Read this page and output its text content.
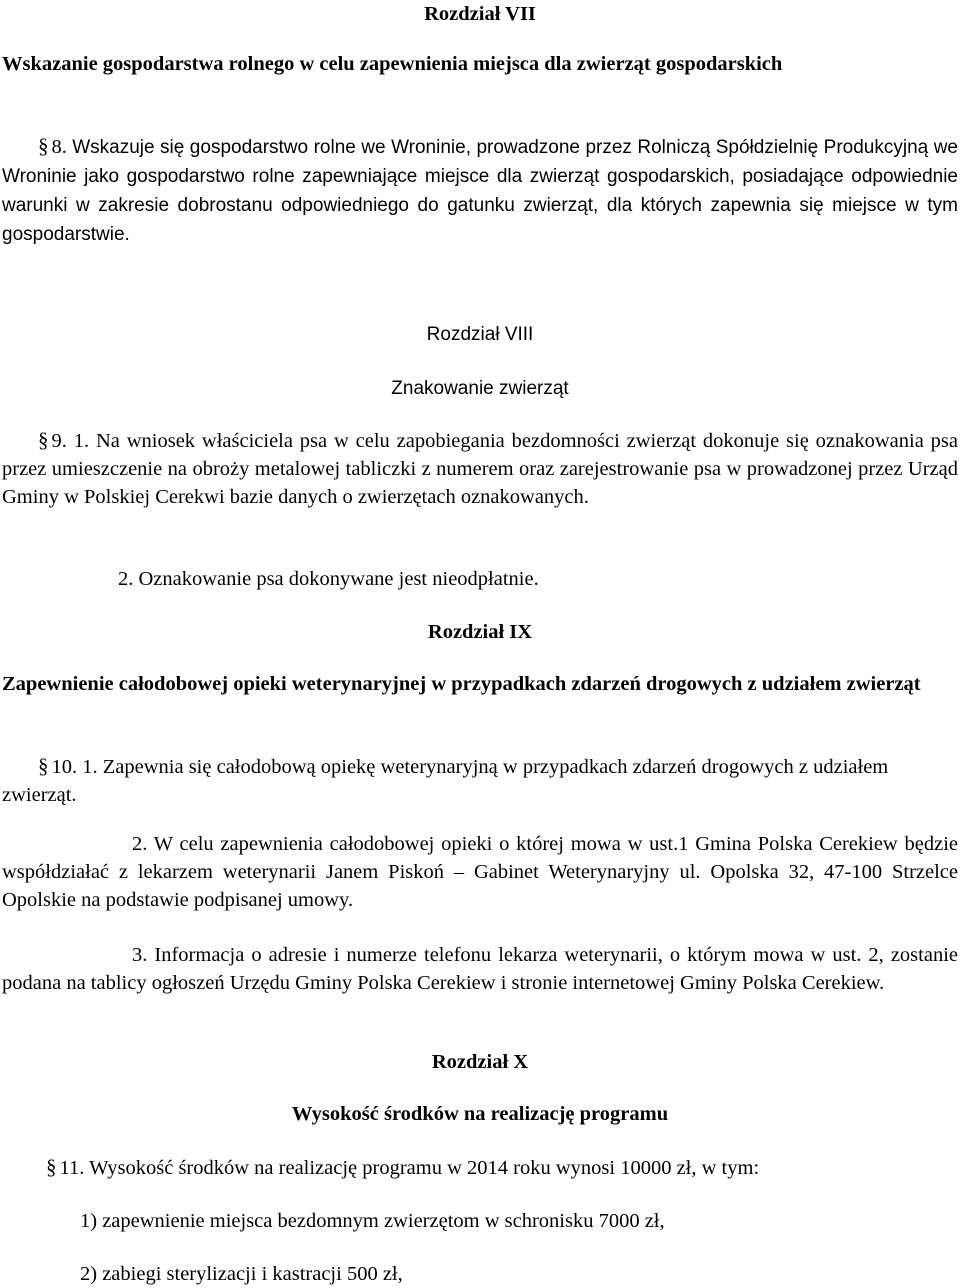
Rozdział VII
Wskazanie gospodarstwa rolnego w celu zapewnienia miejsca dla zwierząt gospodarskich
§ 8. Wskazuje się gospodarstwo rolne we Wroninie, prowadzone przez Rolniczą Spółdzielnię Produkcyjną we Wroninie jako gospodarstwo rolne zapewniające miejsce dla zwierząt gospodarskich, posiadające odpowiednie warunki w zakresie dobrostanu odpowiedniego do gatunku zwierząt, dla których zapewnia się miejsce w tym gospodarstwie.
Rozdział VIII
Znakowanie zwierząt
§ 9. 1. Na wniosek właściciela psa w celu zapobiegania bezdomności zwierząt dokonuje się oznakowania psa przez umieszczenie na obroży metalowej tabliczki z numerem oraz zarejestrowanie psa w prowadzonej przez Urząd Gminy w Polskiej Cerekwi bazie danych o zwierzętach oznakowanych.
2. Oznakowanie psa dokonywane jest nieodpłatnie.
Rozdział IX
Zapewnienie całodobowej opieki weterynaryjnej w przypadkach zdarzeń drogowych z udziałem zwierząt
§ 10. 1. Zapewnia się całodobową opiekę weterynaryjną w przypadkach zdarzeń drogowych z udziałem zwierząt.
2. W celu zapewnienia całodobowej opieki o której mowa w ust.1 Gmina Polska Cerekiew będzie współdziałać z lekarzem weterynarii Janem Piskoń – Gabinet Weterynaryjny ul. Opolska 32, 47-100 Strzelce Opolskie na podstawie podpisanej umowy.
3. Informacja o adresie i numerze telefonu lekarza weterynarii, o którym mowa w ust. 2, zostanie podana na tablicy ogłoszeń Urzędu Gminy Polska Cerekiew i stronie internetowej Gminy Polska Cerekiew.
Rozdział X
Wysokość środków na realizację programu
§ 11. Wysokość środków na realizację programu w 2014 roku wynosi 10000 zł, w tym:
1) zapewnienie miejsca bezdomnym zwierzętom w schronisku 7000 zł,
2) zabiegi sterylizacji i kastracji 500 zł,
